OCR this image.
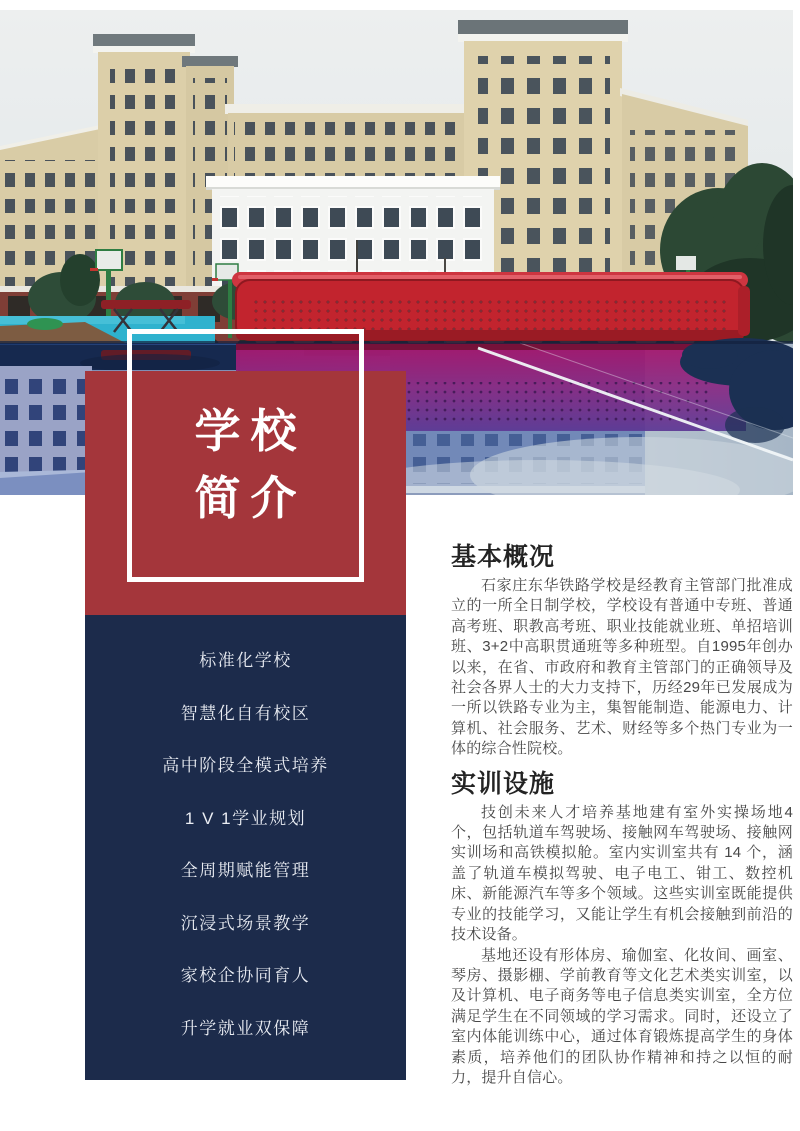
学校
简介
标准化学校
智慧化自有校区
高中阶段全模式培养
1 V 1学业规划
全周期赋能管理
沉浸式场景教学
家校企协同育人
升学就业双保障
基本概况

石家庄东华铁路学校是经教育主管部门批准成立的一所全日制学校，学校设有普通中专班、普通高考班、职教高考班、职业技能就业班、单招培训班、3+2中高职贯通班等多种班型。自1995年创办以来，在省、市政府和教育主管部门的正确领导及社会各界人士的大力支持下，历经29年已发展成为一所以铁路专业为主，集智能制造、能源电力、计算机、社会服务、艺术、财经等多个热门专业为一体的综合性院校。

实训设施

技创未来人才培养基地建有室外实操场地4个，包括轨道车驾驶场、接触网车驾驶场、接触网实训场和高铁模拟舱。室内实训室共有 14 个，涵盖了轨道车模拟驾驶、电子电工、钳工、数控机床、新能源汽车等多个领域。这些实训室既能提供专业的技能学习，又能让学生有机会接触到前沿的技术设备。

基地还设有形体房、瑜伽室、化妆间、画室、琴房、摄影棚、学前教育等文化艺术类实训室，以及计算机、电子商务等电子信息类实训室，全方位满足学生在不同领域的学习需求。同时，还设立了室内体能训练中心，通过体育锻炼提高学生的身体素质，培养他们的团队协作精神和持之以恒的耐力，提升自信心。
